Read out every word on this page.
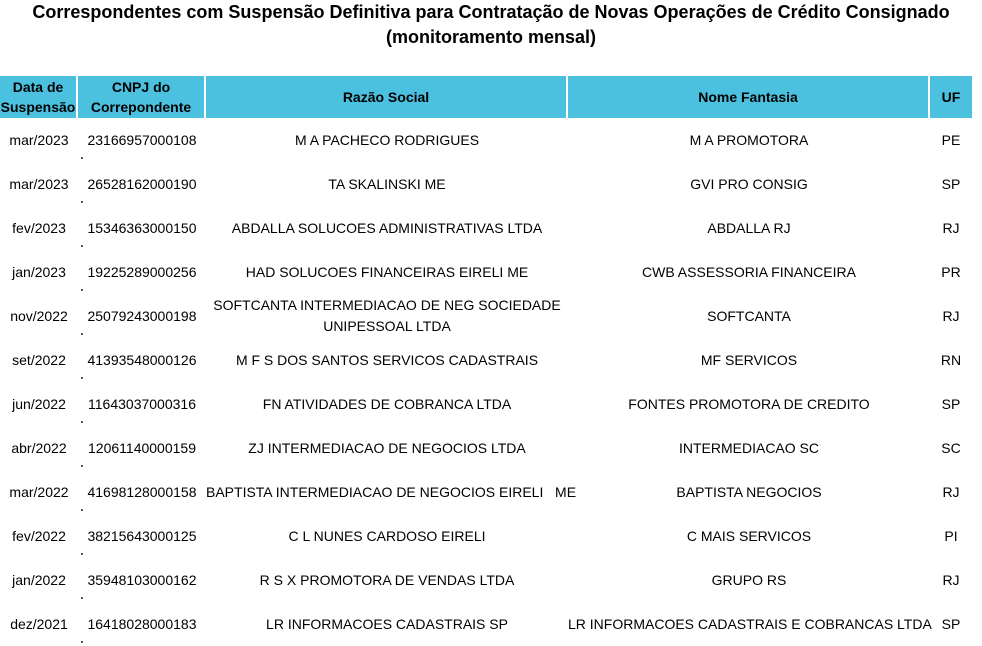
Correspondentes com Suspensão Definitiva para Contratação de Novas Operações de Crédito Consignado
(monitoramento mensal)
Data de Suspensão	CNPJ do Correpondente	Razão Social	Nome Fantasia	UF
mar/2023	23166957000108	M A PACHECO RODRIGUES	M A PROMOTORA	PE
mar/2023	26528162000190	TA SKALINSKI ME	GVI PRO CONSIG	SP
fev/2023	15346363000150	ABDALLA SOLUCOES ADMINISTRATIVAS LTDA	ABDALLA RJ	RJ
jan/2023	19225289000256	HAD SOLUCOES FINANCEIRAS EIRELI ME	CWB ASSESSORIA FINANCEIRA	PR
nov/2022	25079243000198	SOFTCANTA INTERMEDIACAO DE NEG SOCIEDADE UNIPESSOAL LTDA	SOFTCANTA	RJ
set/2022	41393548000126	M F S DOS SANTOS SERVICOS CADASTRAIS	MF SERVICOS	RN
jun/2022	11643037000316	FN ATIVIDADES DE COBRANCA LTDA	FONTES PROMOTORA DE CREDITO	SP
abr/2022	12061140000159	ZJ INTERMEDIACAO DE NEGOCIOS LTDA	INTERMEDIACAO SC	SC
mar/2022	41698128000158	BAPTISTA INTERMEDIACAO DE NEGOCIOS EIRELI   ME	BAPTISTA NEGOCIOS	RJ
fev/2022	38215643000125	C L NUNES CARDOSO EIRELI	C MAIS SERVICOS	PI
jan/2022	35948103000162	R S X PROMOTORA DE VENDAS LTDA	GRUPO RS	RJ
dez/2021	16418028000183	LR INFORMACOES CADASTRAIS SP	LR INFORMACOES CADASTRAIS E COBRANCAS LTDA	SP
